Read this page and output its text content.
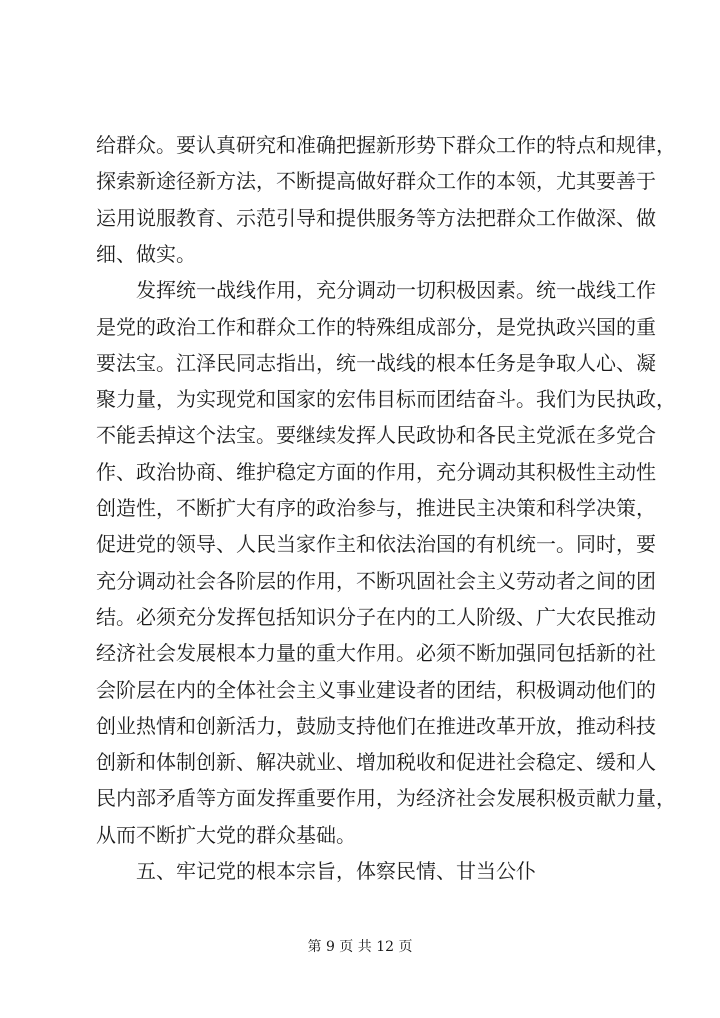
给群众。要认真研究和准确把握新形势下群众工作的特点和规律，
探索新途径新方法，不断提高做好群众工作的本领，尤其要善于
运用说服教育、示范引导和提供服务等方法把群众工作做深、做
细、做实。
发挥统一战线作用，充分调动一切积极因素。统一战线工作
是党的政治工作和群众工作的特殊组成部分，是党执政兴国的重
要法宝。江泽民同志指出，统一战线的根本任务是争取人心、凝
聚力量，为实现党和国家的宏伟目标而团结奋斗。我们为民执政，
不能丢掉这个法宝。要继续发挥人民政协和各民主党派在多党合
作、政治协商、维护稳定方面的作用，充分调动其积极性主动性
创造性，不断扩大有序的政治参与，推进民主决策和科学决策，
促进党的领导、人民当家作主和依法治国的有机统一。同时，要
充分调动社会各阶层的作用，不断巩固社会主义劳动者之间的团
结。必须充分发挥包括知识分子在内的工人阶级、广大农民推动
经济社会发展根本力量的重大作用。必须不断加强同包括新的社
会阶层在内的全体社会主义事业建设者的团结，积极调动他们的
创业热情和创新活力，鼓励支持他们在推进改革开放，推动科技
创新和体制创新、解决就业、增加税收和促进社会稳定、缓和人
民内部矛盾等方面发挥重要作用，为经济社会发展积极贡献力量，
从而不断扩大党的群众基础。
第 9 页 共 12 页
五、牢记党的根本宗旨，体察民情、甘当公仆
